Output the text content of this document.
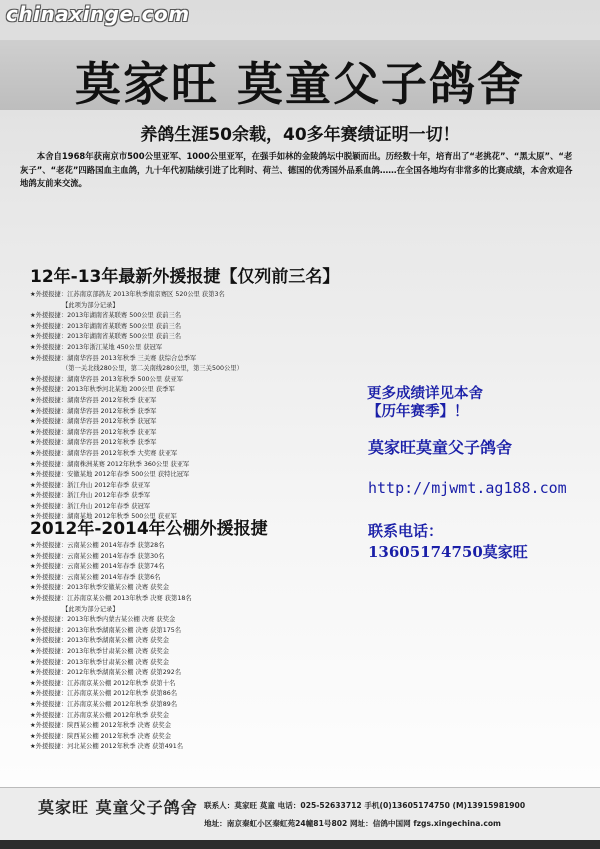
chinaxinge.com
莫家旺 莫童父子鸽舍
养鸽生涯50余载，40多年赛绩证明一切！
本舍自1968年获南京市500公里亚军、1000公里亚军，在强手如林的金陵鸽坛中脱颖而出。历经数十年，培育出了“老挑花”、“黑太原”、“老灰子”、“老花”四路国血主血鸽，九十年代初陆续引进了比利时、荷兰、德国的优秀国外品系血鸽……在全国各地均有非常多的比赛成绩，本舍欢迎各地鸽友前来交流。
12年-13年最新外援报捷【仅列前三名】
★外援报捷：江苏南京部鸽友 2013年秋季南京赛区 520公里 获第3名
【此项为部分记录】
★外援报捷：2013年湖南省某联赛 500公里 获前三名
★外援报捷：2013年湖南省某联赛 500公里 获前三名
★外援报捷：2013年湖南省某联赛 500公里 获前三名
★外援报捷：2013年浙江某地 450公里 获冠军
★外援报捷：湖南华容县 2013年秋季 三关赛 获综合总季军
（第一关北线280公里，第二关南线280公里，第三关500公里）
★外援报捷：湖南华容县 2013年秋季 500公里 获亚军
★外援报捷：2013年秋季河北某地 200公里 获季军
★外援报捷：湖南华容县 2012年秋季 获亚军
★外援报捷：湖南华容县 2012年秋季 获季军
★外援报捷：湖南华容县 2012年秋季 获冠军
★外援报捷：湖南华容县 2012年秋季 获亚军
★外援报捷：湖南华容县 2012年秋季 获季军
★外援报捷：湖南华容县 2012年秋季 大奖赛 获亚军
★外援报捷：湖南株洲某赛 2012年秋季 360公里 获亚军
★外援报捷：安徽某地 2012年春季 500公里 获特比冠军
★外援报捷：浙江舟山 2012年春季 获亚军
★外援报捷：浙江舟山 2012年春季 获季军
★外援报捷：浙江舟山 2012年春季 获冠军
★外援报捷：湖南某地 2012年秋季 500公里 获亚军
2012年-2014年公棚外援报捷
★外援报捷：云南某公棚 2014年春季 获第28名
★外援报捷：云南某公棚 2014年春季 获第30名
★外援报捷：云南某公棚 2014年春季 获第74名
★外援报捷：云南某公棚 2014年春季 获第6名
★外援报捷：2013年秋季安徽某公棚 决赛 获奖金
★外援报捷：江苏南京某公棚 2013年秋季 决赛 获第18名
【此项为部分记录】
★外援报捷：2013年秋季内蒙古某公棚 决赛 获奖金
★外援报捷：2013年秋季湖南某公棚 决赛 获第175名
★外援报捷：2013年秋季湖南某公棚 决赛 获奖金
★外援报捷：2013年秋季甘肃某公棚 决赛 获奖金
★外援报捷：2013年秋季甘肃某公棚 决赛 获奖金
★外援报捷：2012年秋季湖南某公棚 决赛 获第292名
★外援报捷：江苏南京某公棚 2012年秋季 获第十名
★外援报捷：江苏南京某公棚 2012年秋季 获第86名
★外援报捷：江苏南京某公棚 2012年秋季 获第89名
★外援报捷：江苏南京某公棚 2012年秋季 获奖金
★外援报捷：陕西某公棚 2012年秋季 决赛 获奖金
★外援报捷：陕西某公棚 2012年秋季 决赛 获奖金
★外援报捷：河北某公棚 2012年秋季 决赛 获第491名
更多成绩详见本舍
【历年赛季】！
莫家旺莫童父子鸽舍
http://mjwmt.ag188.com
联系电话：
13605174750莫家旺
莫家旺 莫童父子鸽舍 联系人：莫家旺 莫童 电话：025-52633712 手机(0)13605174750 (M)13915981900
地址：南京秦虹小区秦虹苑24幢81号802 网址：信鸽中国网 fzgs.xingechina.com
